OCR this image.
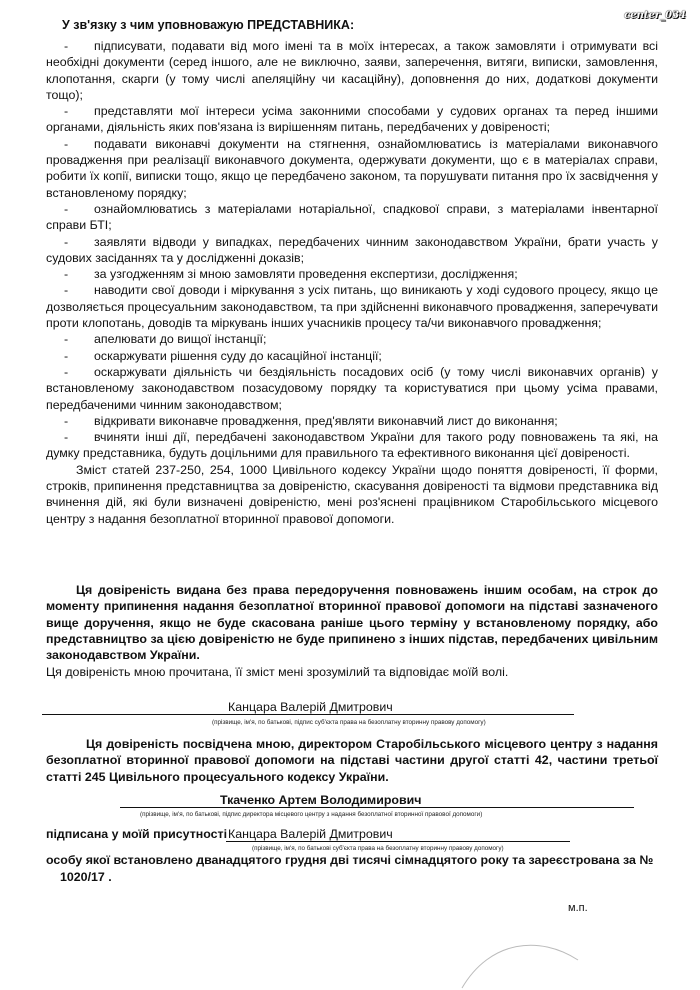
center_034
У зв'язку з чим уповноважую ПРЕДСТАВНИКА:

- підписувати, подавати від мого імені та в моїх інтересах, а також замовляти і отримувати всі необхідні документи (серед іншого, але не виключно, заяви, заперечення, витяги, виписки, замовлення, клопотання, скарги (у тому числі апеляційну чи касаційну), доповнення до них, додаткові документи тощо);

- представляти мої інтереси усіма законними способами у судових органах та перед іншими органами, діяльність яких пов'язана із вирішенням питань, передбачених у довіреності;

- подавати виконавчі документи на стягнення, ознайомлюватись із матеріалами виконавчого провадження при реалізації виконавчого документа, одержувати документи, що є в матеріалах справи, робити їх копії, виписки тощо, якщо це передбачено законом, та порушувати питання про їх засвідчення у встановленому порядку;

- ознайомлюватись з матеріалами нотаріальної, спадкової справи, з матеріалами інвентарної справи БТІ;

- заявляти відводи у випадках, передбачених чинним законодавством України, брати участь у судових засіданнях та у дослідженні доказів;

- за узгодженням зі мною замовляти проведення експертизи, дослідження;

- наводити свої доводи і міркування з усіх питань, що виникають у ході судового процесу, якщо це дозволяється процесуальним законодавством, та при здійсненні виконавчого провадження, заперечувати проти клопотань, доводів та міркувань інших учасників процесу та/чи виконавчого провадження;

- апелювати до вищої інстанції;

- оскаржувати рішення суду до касаційної інстанції;

- оскаржувати діяльність чи бездіяльність посадових осіб (у тому числі виконавчих органів) у встановленому законодавством позасудовому порядку та користуватися при цьому усіма правами, передбаченими чинним законодавством;

- відкривати виконавче провадження, пред'являти виконавчий лист до виконання;

- вчиняти інші дії, передбачені законодавством України для такого роду повноважень та які, на думку представника, будуть доцільними для правильного та ефективного виконання цієї довіреності.

Зміст статей 237-250, 254, 1000 Цивільного кодексу України щодо поняття довіреності, її форми, строків, припинення представництва за довіреністю, скасування довіреності та відмови представника від вчинення дій, які були визначені довіреністю, мені роз'яснені працівником Старобільського місцевого центру з надання безоплатної вторинної правової допомоги.

Ця довіреність видана без права передоручення повноважень іншим особам, на строк до моменту припинення надання безоплатної вторинної правової допомоги на підставі зазначеного вище доручення, якщо не буде скасована раніше цього терміну у встановленому порядку, або представництво за цією довіреністю не буде припинено з інших підстав, передбачених цивільним законодавством України.
Ця довіреність мною прочитана, її зміст мені зрозумілий та відповідає моїй волі.
Канцара Валерій Дмитрович
(прізвище, ім'я, по батькові, підпис суб'єкта права на безоплатну вторинну правову допомогу)
Ця довіреність посвідчена мною, директором Старобільського місцевого центру з надання безоплатної вторинної правової допомоги на підставі частини другої статті 42, частини третьої статті 245 Цивільного процесуального кодексу України.
Ткаченко Артем Володимирович
(прізвище, ім'я, по батькові, підпис директора місцевого центру з надання безоплатної вторинної правової допомоги)
підписана у моїй присутності Канцара Валерій Дмитрович
(прізвище, ім'я, по батькові суб'єкта права на безоплатну вторинну правову допомогу)
особу якої встановлено дванадцятого грудня дві тисячі сімнадцятого року та зареєстрована за №
1020/17 .
м.п.
